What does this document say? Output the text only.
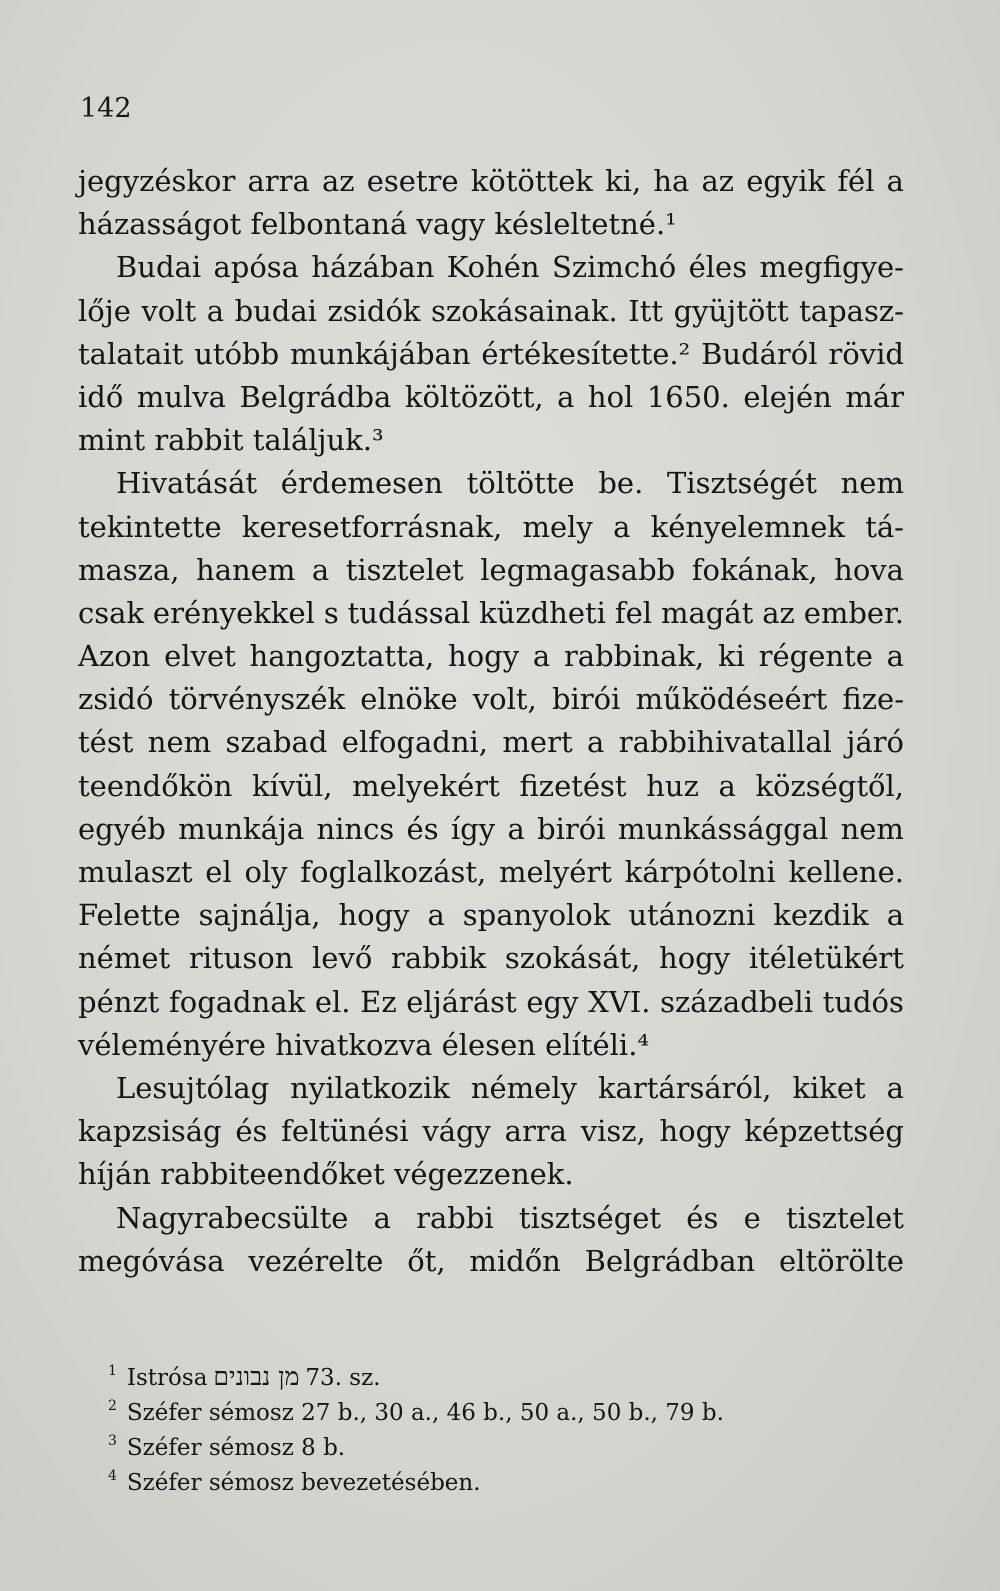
142
jegyzéskor arra az esetre kötöttek ki, ha az egyik fél a
házasságot felbontaná vagy késleltetné.¹
Budai apósa házában Kohén Szimchó éles megfigye-
lője volt a budai zsidók szokásainak. Itt gyüjtött tapasz-
talatait utóbb munkájában értékesítette.² Budáról rövid
idő mulva Belgrádba költözött, a hol 1650. elején már
mint rabbit találjuk.³
Hivatását érdemesen töltötte be. Tisztségét nem
tekintette keresetforrásnak, mely a kényelemnek tá-
masza, hanem a tisztelet legmagasabb fokának, hova
csak erényekkel s tudással küzdheti fel magát az ember.
Azon elvet hangoztatta, hogy a rabbinak, ki régente a
zsidó törvényszék elnöke volt, birói működéseért fize-
tést nem szabad elfogadni, mert a rabbihivatallal járó
teendőkön kívül, melyekért fizetést huz a községtől,
egyéb munkája nincs és így a birói munkássággal nem
mulaszt el oly foglalkozást, melyért kárpótolni kellene.
Felette sajnálja, hogy a spanyolok utánozni kezdik a
német rituson levő rabbik szokását, hogy itéletükért
pénzt fogadnak el. Ez eljárást egy XVI. századbeli tudós
véleményére hivatkozva élesen elítéli.⁴
Lesujtólag nyilatkozik némely kartársáról, kiket a
kapzsiság és feltünési vágy arra visz, hogy képzettség
híján rabbiteendőket végezzenek.
Nagyrabecsülte a rabbi tisztséget és e tisztelet
megóvása vezérelte őt, midőn Belgrádban eltörölte
$^1$ Istrósa מן נבונים 73. sz.
$^2$ Széfer sémosz 27 b., 30 a., 46 b., 50 a., 50 b., 79 b.
$^3$ Széfer sémosz 8 b.
$^4$ Széfer sémosz bevezetésében.
